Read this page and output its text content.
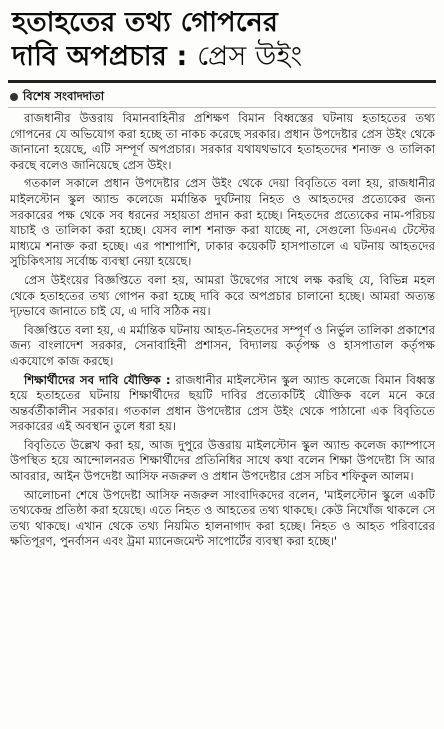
হতাহতের তথ্য গোপনের
দাবি অপপ্রচার : প্রেস উইং
বিশেষ সংবাদদাতা

রাজধানীর উত্তরায় বিমানবাহিনীর প্রশিক্ষণ বিমান বিধ্বস্তের ঘটনায় হতাহতের তথ্য গোপনের যে অভিযোগ করা হচ্ছে তা নাকচ করেছে সরকার। প্রধান উপদেষ্টার প্রেস উইং থেকে জানানো হয়েছে, এটি সম্পূর্ণ অপপ্রচার। সরকার যথাযথভাবে হতাহতদের শনাক্ত ও তালিকা করছে বলেও জানিয়েছে প্রেস উইং।

গতকাল সকালে প্রধান উপদেষ্টার প্রেস উইং থেকে দেয়া বিবৃতিতে বলা হয়, রাজধানীর মাইলস্টোন স্কুল অ্যান্ড কলেজে মর্মান্তিক দুর্ঘটনায় নিহত ও আহতদের প্রত্যেকের জন্য সরকারের পক্ষ থেকে সব ধরনের সহায়তা প্রদান করা হচ্ছে। নিহতদের প্রত্যেকের নাম-পরিচয় যাচাই ও তালিকা করা হচ্ছে। যেসব লাশ শনাক্ত করা যাচ্ছে না, সেগুলো ডিএনএ টেস্টের মাধ্যমে শনাক্ত করা হচ্ছে। এর পাশাপাশি, ঢাকার কয়েকটি হাসপাতালে এ ঘটনায় আহতদের সুচিকিৎসায় সর্বোচ্চ ব্যবস্থা নেয়া হয়েছে।

প্রেস উইংয়ের বিজ্ঞপ্তিতে বলা হয়, আমরা উদ্বেগের সাথে লক্ষ করছি যে, বিভিন্ন মহল থেকে হতাহতের তথ্য গোপন করা হচ্ছে দাবি করে অপপ্রচার চালানো হচ্ছে। আমরা অত্যন্ত দৃঢ়ভাবে জানাতে চাই যে, এ দাবি সঠিক নয়।

বিজ্ঞপ্তিতে বলা হয়, এ মর্মান্তিক ঘটনায় আহত-নিহতদের সম্পূর্ণ ও নির্ভুল তালিকা প্রকাশের জন্য বাংলাদেশ সরকার, সেনাবাহিনী প্রশাসন, বিদ্যালয় কর্তৃপক্ষ ও হাসপাতাল কর্তৃপক্ষ একযোগে কাজ করছে।

শিক্ষার্থীদের সব দাবি যৌক্তিক : রাজধানীর মাইলস্টোন স্কুল অ্যান্ড কলেজে বিমান বিধ্বস্ত হয়ে হতাহতের ঘটনায় শিক্ষার্থীদের ছয়টি দাবির প্রত্যেকটিই যৌক্তিক বলে মনে করে অন্তর্বর্তীকালীন সরকার। গতকাল প্রধান উপদেষ্টার প্রেস উইং থেকে পাঠানো এক বিবৃতিতে সরকারের এই অবস্থান তুলে ধরা হয়।

বিবৃতিতে উল্লেখ করা হয়, আজ দুপুরে উত্তরায় মাইলস্টোন স্কুল অ্যান্ড কলেজ ক্যাম্পাসে উপস্থিত হয়ে আন্দোলনরত শিক্ষার্থীদের প্রতিনিধির সাথে কথা বলেন শিক্ষা উপদেষ্টা সি আর আবরার, আইন উপদেষ্টা আসিফ নজরুল ও প্রধান উপদেষ্টার প্রেস সচিব শফিকুল আলম।

আলোচনা শেষে উপদেষ্টা আসিফ নজরুল সাংবাদিকদের বলেন, 'মাইলস্টোন স্কুলে একটি তথ্যকেন্দ্র প্রতিষ্ঠা করা হয়েছে। এতে নিহত ও আহতের তথ্য থাকছে। কেউ নিখোঁজ থাকলে সে তথ্য থাকছে। এখান থেকে তথ্য নিয়মিত হালনাগাদ করা হচ্ছে। নিহত ও আহত পরিবারের ক্ষতিপূরণ, পুনর্বাসন এবং ট্রমা ম্যানেজমেন্ট সাপোর্টের ব্যবস্থা করা হচ্ছে।'
